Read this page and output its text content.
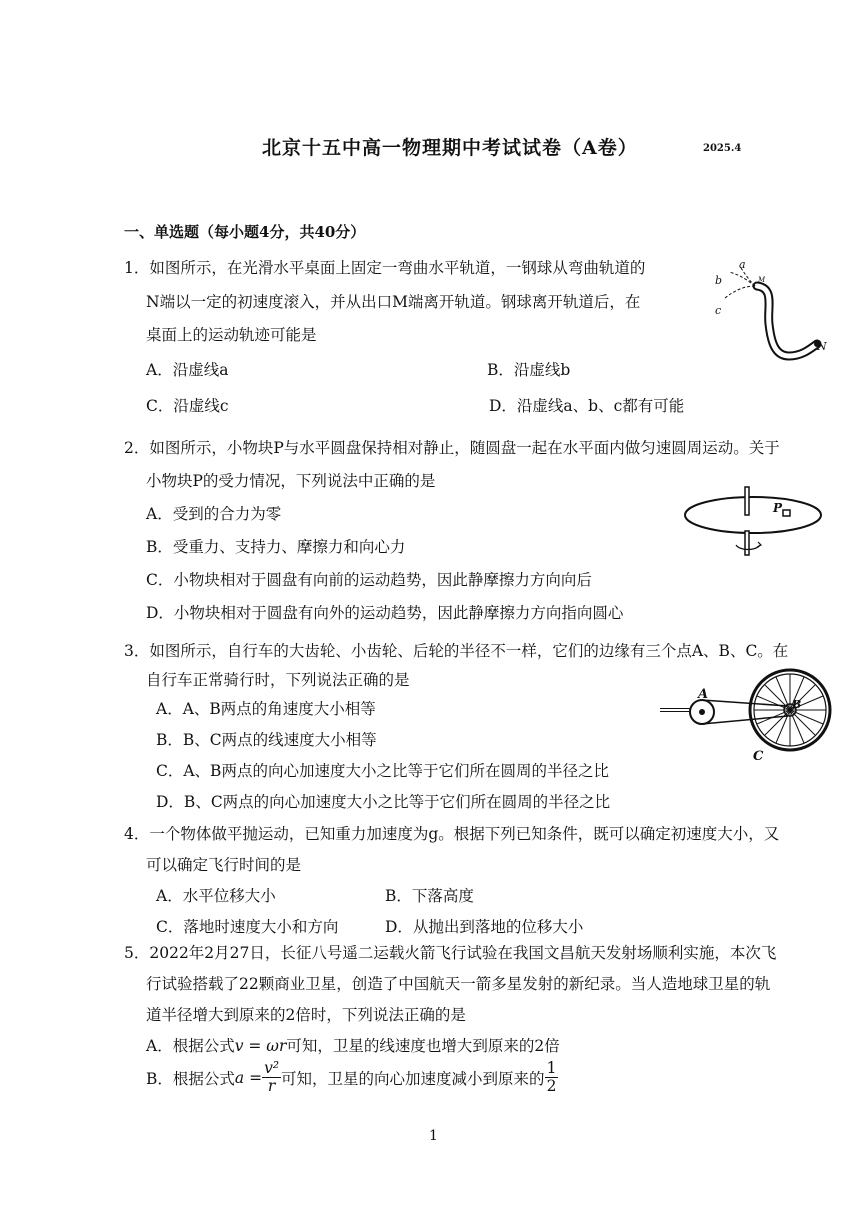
北京十五中高一物理期中考试试卷（A卷）	2025.4
一、单选题（每小题4分，共40分）
1．如图所示，在光滑水平桌面上固定一弯曲水平轨道，一钢球从弯曲轨道的
N端以一定的初速度滚入，并从出口M端离开轨道。钢球离开轨道后，在
桌面上的运动轨迹可能是
A．沿虚线a	B．沿虚线b
C．沿虚线c	D．沿虚线a、b、c都有可能
a
b
c
M
N
2．如图所示，小物块P与水平圆盘保持相对静止，随圆盘一起在水平面内做匀速圆周运动。关于
小物块P的受力情况，下列说法中正确的是
A．受到的合力为零
B．受重力、支持力、摩擦力和向心力
C．小物块相对于圆盘有向前的运动趋势，因此静摩擦力方向向后
D．小物块相对于圆盘有向外的运动趋势，因此静摩擦力方向指向圆心
P
3．如图所示，自行车的大齿轮、小齿轮、后轮的半径不一样，它们的边缘有三个点A、B、C。在
自行车正常骑行时，下列说法正确的是
A．A、B两点的角速度大小相等
B．B、C两点的线速度大小相等
C．A、B两点的向心加速度大小之比等于它们所在圆周的半径之比
D．B、C两点的向心加速度大小之比等于它们所在圆周的半径之比
A
B
C
4．一个物体做平抛运动，已知重力加速度为g。根据下列已知条件，既可以确定初速度大小，又
可以确定飞行时间的是
A．水平位移大小	B．下落高度
C．落地时速度大小和方向	D．从抛出到落地的位移大小
5．2022年2月27日，长征八号遥二运载火箭飞行试验在我国文昌航天发射场顺利实施，本次飞
行试验搭载了22颗商业卫星，创造了中国航天一箭多星发射的新纪录。当人造地球卫星的轨
道半径增大到原来的2倍时，下列说法正确的是
A．根据公式v = ωr可知，卫星的线速度也增大到原来的2倍
B．根据公式 $a = \frac{\text{v²}}{r}$ 可知，卫星的向心加速度减小到原来的 $\frac{1}{2}$
1
